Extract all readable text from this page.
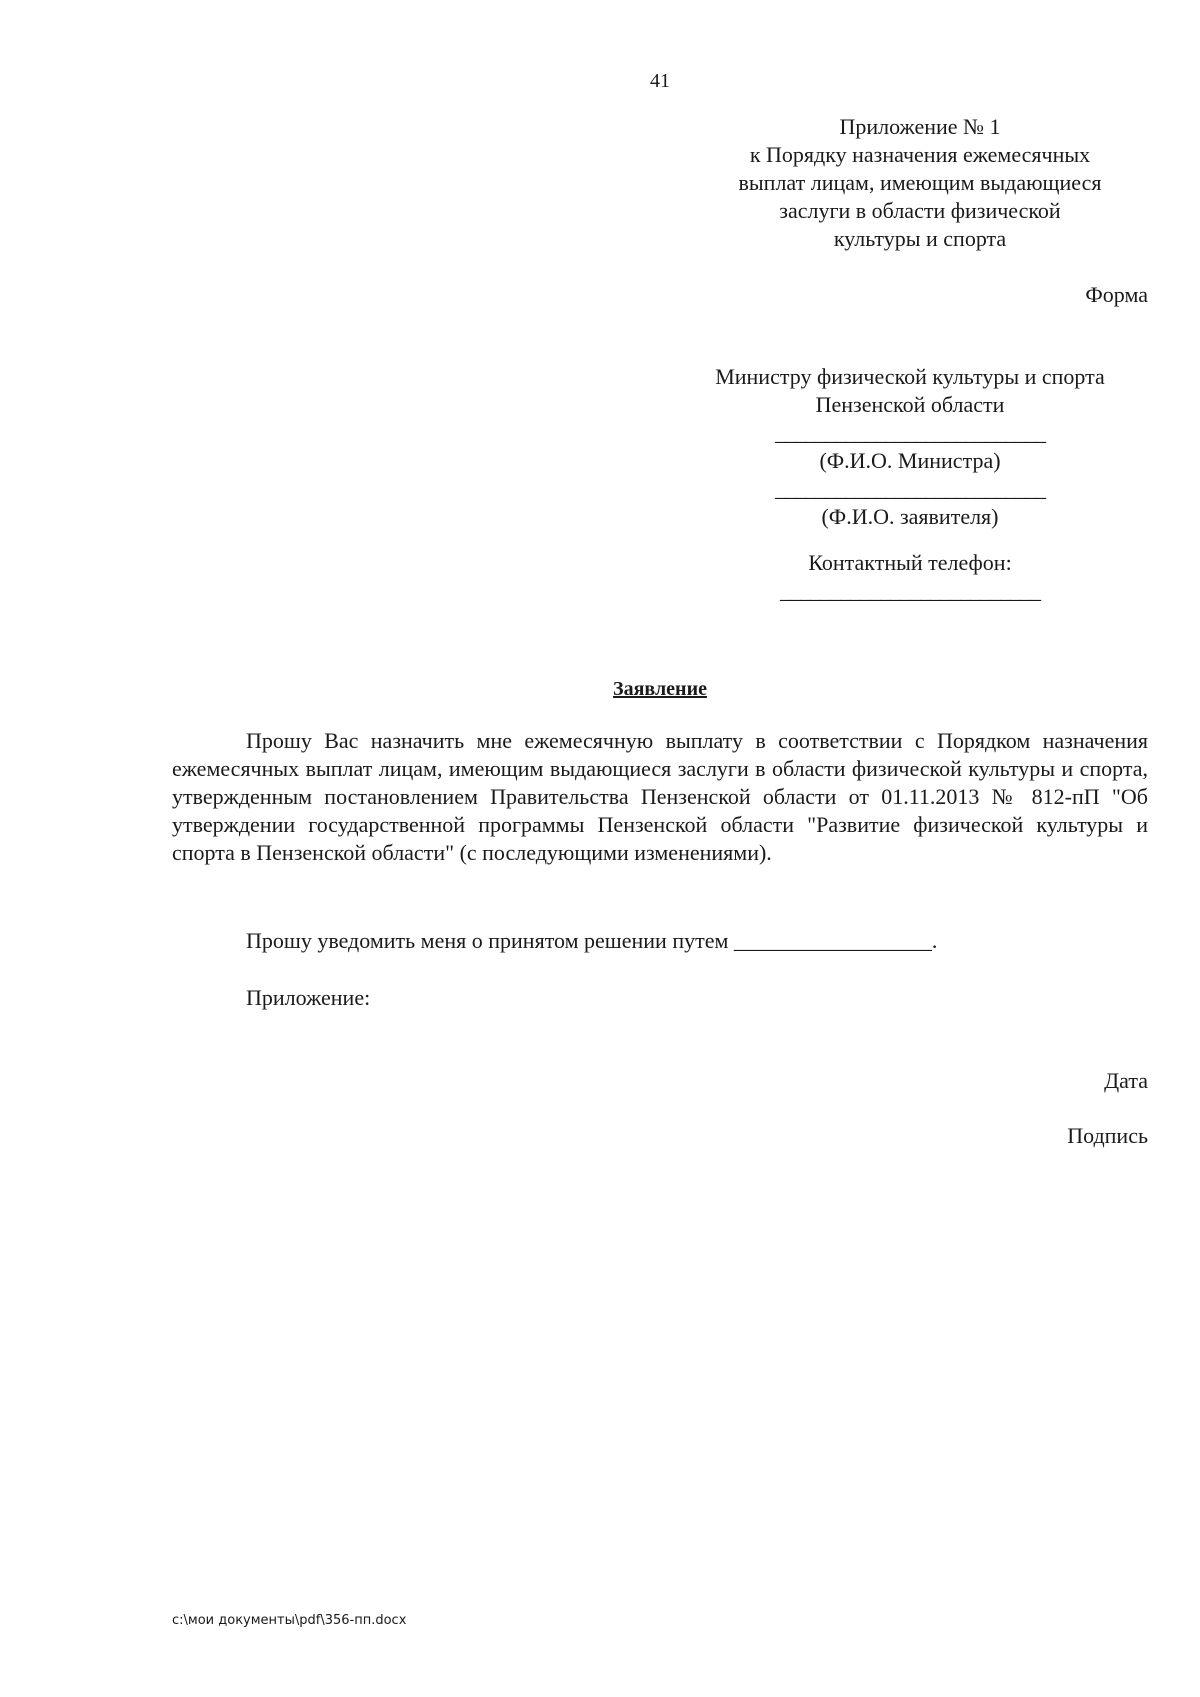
41
Приложение № 1
к Порядку назначения ежемесячных
выплат лицам, имеющим выдающиеся
заслуги в области физической
культуры и спорта
Форма
Министру физической культуры и спорта
Пензенской области
___________________________
(Ф.И.О. Министра)
___________________________
(Ф.И.О. заявителя)
Контактный телефон:
__________________________
Заявление

Прошу Вас назначить мне ежемесячную выплату в соответствии с Порядком назначения ежемесячных выплат лицам, имеющим выдающиеся заслуги в области физической культуры и спорта, утвержденным постановлением Правительства Пензенской области от 01.11.2013 № 812-пП "Об утверждении государственной программы Пензенской области "Развитие физической культуры и спорта в Пензенской области" (с последующими изменениями).

Прошу уведомить меня о принятом решении путем __________________.
Приложение:
Дата
Подпись
c:\мои документы\pdf\356-пп.docx
